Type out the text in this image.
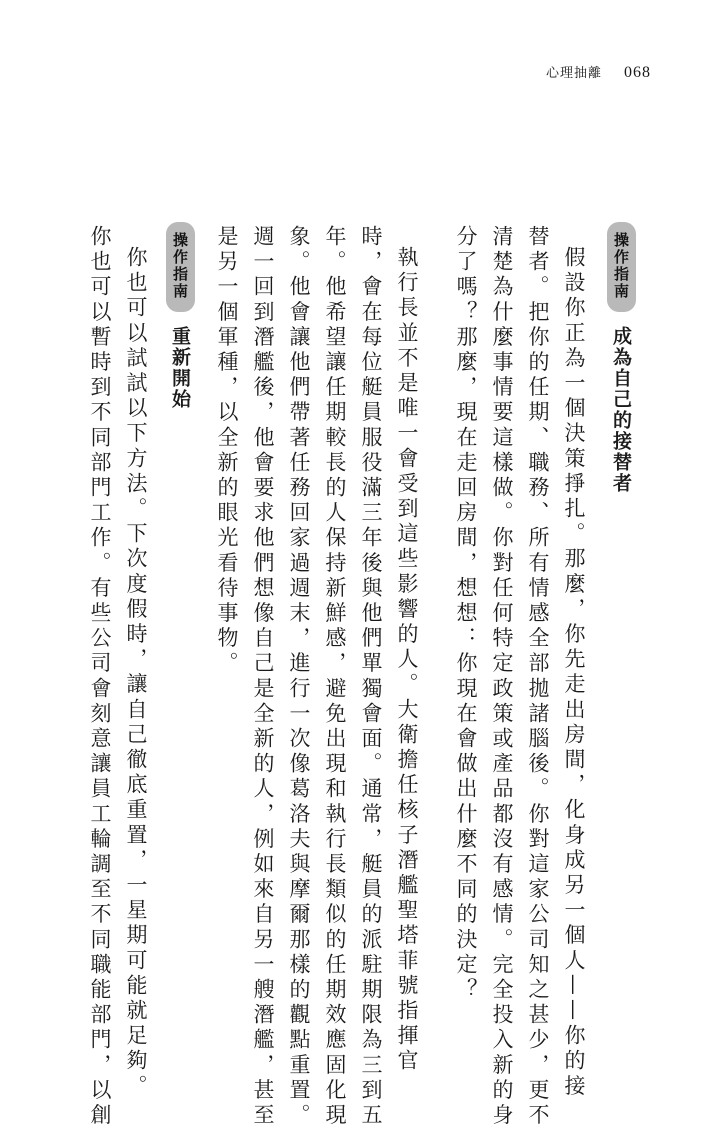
心理抽離 068
操作指南
成為自己的接替者
假設你正為一個決策掙扎。那麼，你先走出房間，化身成另一個人——你的接
替者。把你的任期、職務、所有情感全部拋諸腦後。你對這家公司知之甚少，更不
清楚為什麼事情要這樣做。你對任何特定政策或產品都沒有感情。完全投入新的身
分了嗎？那麼，現在走回房間，想想：你現在會做出什麼不同的決定？
執行長並不是唯一會受到這些影響的人。大衛擔任核子潛艦聖塔菲號指揮官
時，會在每位艇員服役滿三年後與他們單獨會面。通常，艇員的派駐期限為三到五
年。他希望讓任期較長的人保持新鮮感，避免出現和執行長類似的任期效應固化現
象。他會讓他們帶著任務回家過週末，進行一次像葛洛夫與摩爾那樣的觀點重置。
週一回到潛艦後，他會要求他們想像自己是全新的人，例如來自另一艘潛艦，甚至
是另一個軍種，以全新的眼光看待事物。
操作指南
重新開始
你也可以試試以下方法。下次度假時，讓自己徹底重置，一星期可能就足夠。
你也可以暫時到不同部門工作。有些公司會刻意讓員工輪調至不同職能部門，以創
